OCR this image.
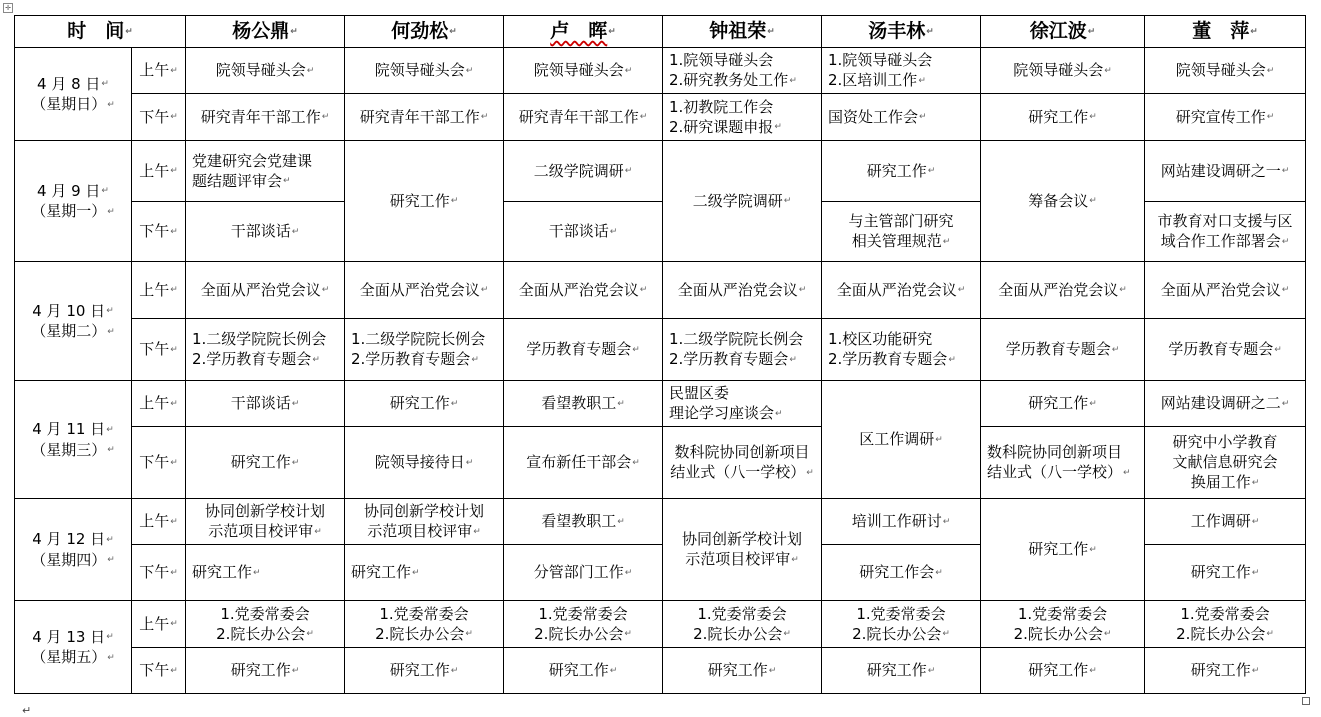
✛
时　间 ↵		杨公鼎 ↵	何劲松 ↵	卢　晖 ↵	钟祖荣 ↵	汤丰林 ↵	徐江波 ↵	董　萍 ↵

4 月 8 日 ↵
（星期日） ↵	上午 ↵	院领导碰头会 ↵	院领导碰头会 ↵	院领导碰头会 ↵	1.院领导碰头会
2.研究教务处工作 ↵	1.院领导碰头会
2.区培训工作 ↵	院领导碰头会 ↵	院领导碰头会 ↵

	下午 ↵	研究青年干部工作 ↵	研究青年干部工作 ↵	研究青年干部工作 ↵	1.初教院工作会
2.研究课题申报 ↵	国资处工作会 ↵	研究工作 ↵	研究宣传工作 ↵

4 月 9 日 ↵
（星期一） ↵	上午 ↵	党建研究会党建课
题结题评审会 ↵	研究工作 ↵	二级学院调研 ↵	二级学院调研 ↵	研究工作 ↵	筹备会议 ↵	网站建设调研之一 ↵

	下午 ↵	干部谈话 ↵		干部谈话 ↵		与主管部门研究
相关管理规范 ↵		市教育对口支援与区
域合作工作部署会 ↵

4 月 10 日 ↵
（星期二） ↵	上午 ↵	全面从严治党会议 ↵	全面从严治党会议 ↵	全面从严治党会议 ↵	全面从严治党会议 ↵	全面从严治党会议 ↵	全面从严治党会议 ↵	全面从严治党会议 ↵

	下午 ↵	1.二级学院院长例会
2.学历教育专题会 ↵	1.二级学院院长例会
2.学历教育专题会 ↵	学历教育专题会 ↵	1.二级学院院长例会
2.学历教育专题会 ↵	1.校区功能研究
2.学历教育专题会 ↵	学历教育专题会 ↵	学历教育专题会 ↵

4 月 11 日 ↵
（星期三） ↵	上午 ↵	干部谈话 ↵	研究工作 ↵	看望教职工 ↵	民盟区委
理论学习座谈会 ↵	区工作调研 ↵	研究工作 ↵	网站建设调研之二 ↵

	下午 ↵	研究工作 ↵	院领导接待日 ↵	宣布新任干部会 ↵	数科院协同创新项目
结业式（八一学校） ↵		数科院协同创新项目
结业式（八一学校） ↵	研究中小学教育
文献信息研究会
换届工作 ↵

4 月 12 日 ↵
（星期四） ↵	上午 ↵	协同创新学校计划
示范项目校评审 ↵	协同创新学校计划
示范项目校评审 ↵	看望教职工 ↵	协同创新学校计划
示范项目校评审 ↵	培训工作研讨 ↵	研究工作 ↵	工作调研 ↵

	下午 ↵	研究工作 ↵	研究工作 ↵	分管部门工作 ↵		研究工作会 ↵		研究工作 ↵

4 月 13 日 ↵
（星期五） ↵	上午 ↵	1.党委常委会
2.院长办公会 ↵	1.党委常委会
2.院长办公会 ↵	1.党委常委会
2.院长办公会 ↵	1.党委常委会
2.院长办公会 ↵	1.党委常委会
2.院长办公会 ↵	1.党委常委会
2.院长办公会 ↵	1.党委常委会
2.院长办公会 ↵

	下午 ↵	研究工作 ↵	研究工作 ↵	研究工作 ↵	研究工作 ↵	研究工作 ↵	研究工作 ↵	研究工作 ↵
↵
